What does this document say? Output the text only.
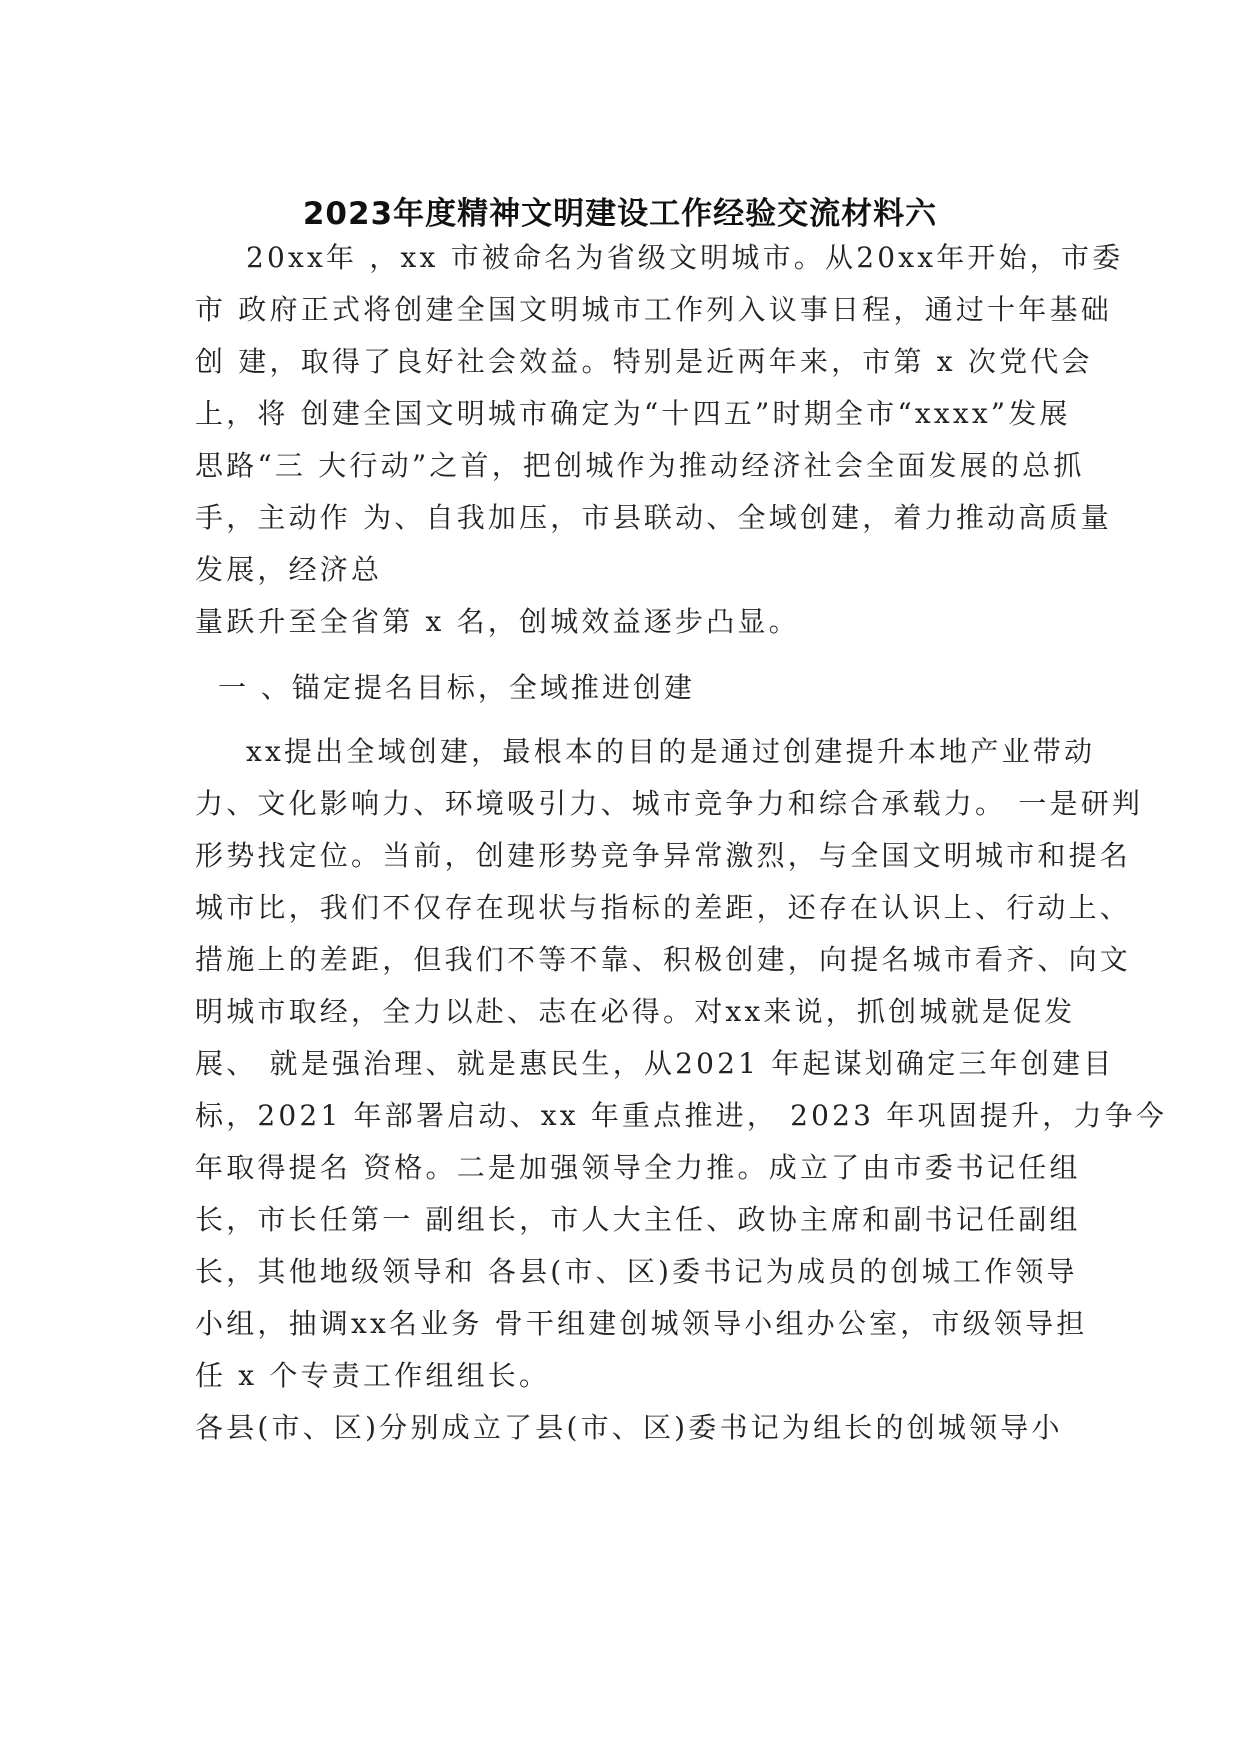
2023年度精神文明建设工作经验交流材料六
20xx年 ，xx 市被命名为省级文明城市。从20xx年开始，市委
市 政府正式将创建全国文明城市工作列入议事日程，通过十年基础
创 建，取得了良好社会效益。特别是近两年来，市第 x 次党代会
上，将 创建全国文明城市确定为“十四五”时期全市“xxxx”发展
思路“三 大行动”之首，把创城作为推动经济社会全面发展的总抓
手，主动作 为、自我加压，市县联动、全域创建，着力推动高质量
发展，经济总
量跃升至全省第 x 名，创城效益逐步凸显。
一 、锚定提名目标，全域推进创建
xx提出全域创建，最根本的目的是通过创建提升本地产业带动
力、文化影响力、环境吸引力、城市竞争力和综合承载力。 一是研判
形势找定位。当前，创建形势竞争异常激烈，与全国文明城市和提名
城市比，我们不仅存在现状与指标的差距，还存在认识上、行动上、
措施上的差距，但我们不等不靠、积极创建，向提名城市看齐、向文
明城市取经，全力以赴、志在必得。对xx来说，抓创城就是促发
展、 就是强治理、就是惠民生，从2021 年起谋划确定三年创建目
标，2021 年部署启动、xx 年重点推进， 2023 年巩固提升，力争今
年取得提名 资格。二是加强领导全力推。成立了由市委书记任组
长，市长任第一 副组长，市人大主任、政协主席和副书记任副组
长，其他地级领导和 各县(市、区)委书记为成员的创城工作领导
小组，抽调xx名业务 骨干组建创城领导小组办公室，市级领导担
任 x 个专责工作组组长。
各县(市、区)分别成立了县(市、区)委书记为组长的创城领导小
